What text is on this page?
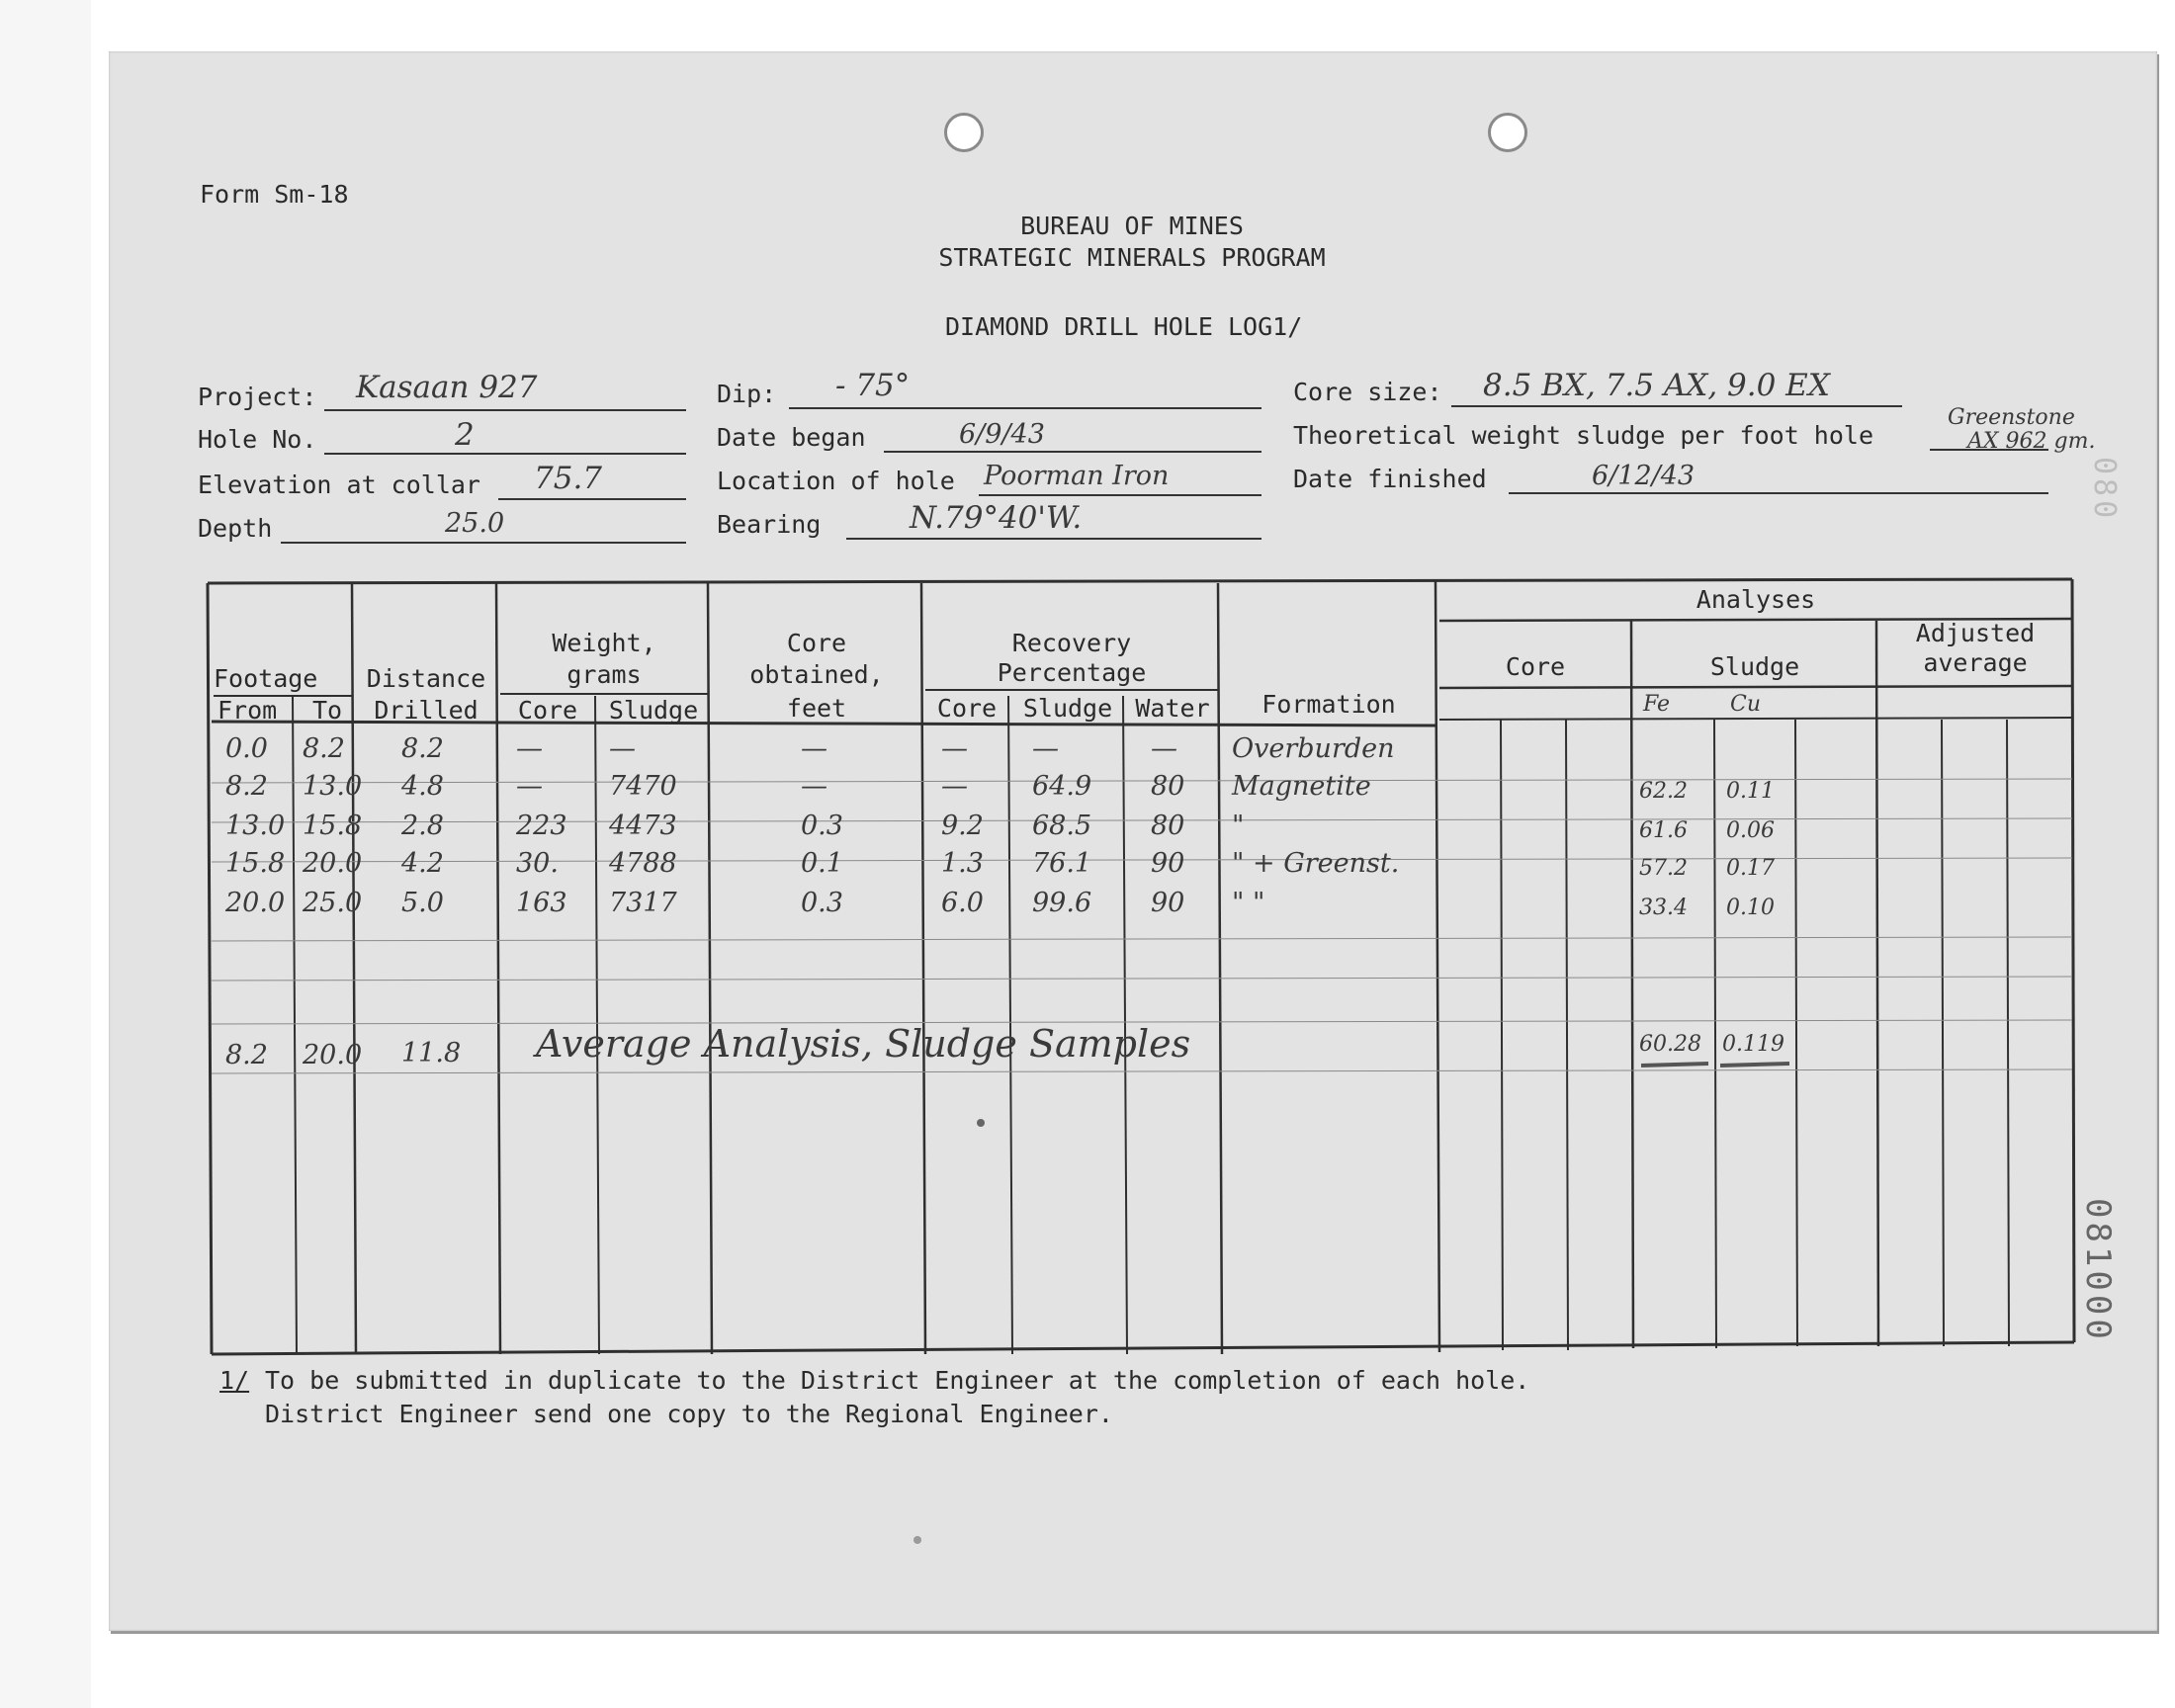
Form Sm-18
BUREAU OF MINES
STRATEGIC MINERALS PROGRAM
DIAMOND DRILL HOLE LOG1/
Project: Kasaan 927
Hole No.	2
Elevation at collar 75.7
Depth	25.0
Dip: - 75°
Date began	6/9/43
Location of hole Poorman Iron
Bearing	N.79°40'W.
Core size: 8.5 BX, 7.5 AX, 9.0 EX
Theoretical weight sludge per foot hole
Greenstone
AX 962 gm.
Date finished	6/12/43
Footage
From To
Distance
Drilled
Weight,
grams
Core	Sludge
Core
obtained,
feet
Recovery
Percentage
Core	Sludge Water	Formation
Analyses
Core	Sludge
Adjusted
average
Fe	Cu
0.0 8.2 8.2	— —	—	— —	— Overburden
8.2 13.0 4.8	— 7470	—	— 64.9 80 Magnetite	62.2 0.11
13.0 15.8 2.8	223 4473	0.3	9.2 68.5 80 "	61.6 0.06
15.8 20.0 4.2	30. 4788	0.1	1.3 76.1 90 " + Greenst.	57.2 0.17
20.0 25.0 5.0	163 7317	0.3	6.0 99.6 90 " "	33.4 0.10
8.2 20.0 11.8 Average Analysis, Sludge Samples	60.28 0.119
1/ To be submitted in duplicate to the District Engineer at the completion of each hole.
District Engineer send one copy to the Regional Engineer.
081000
080
